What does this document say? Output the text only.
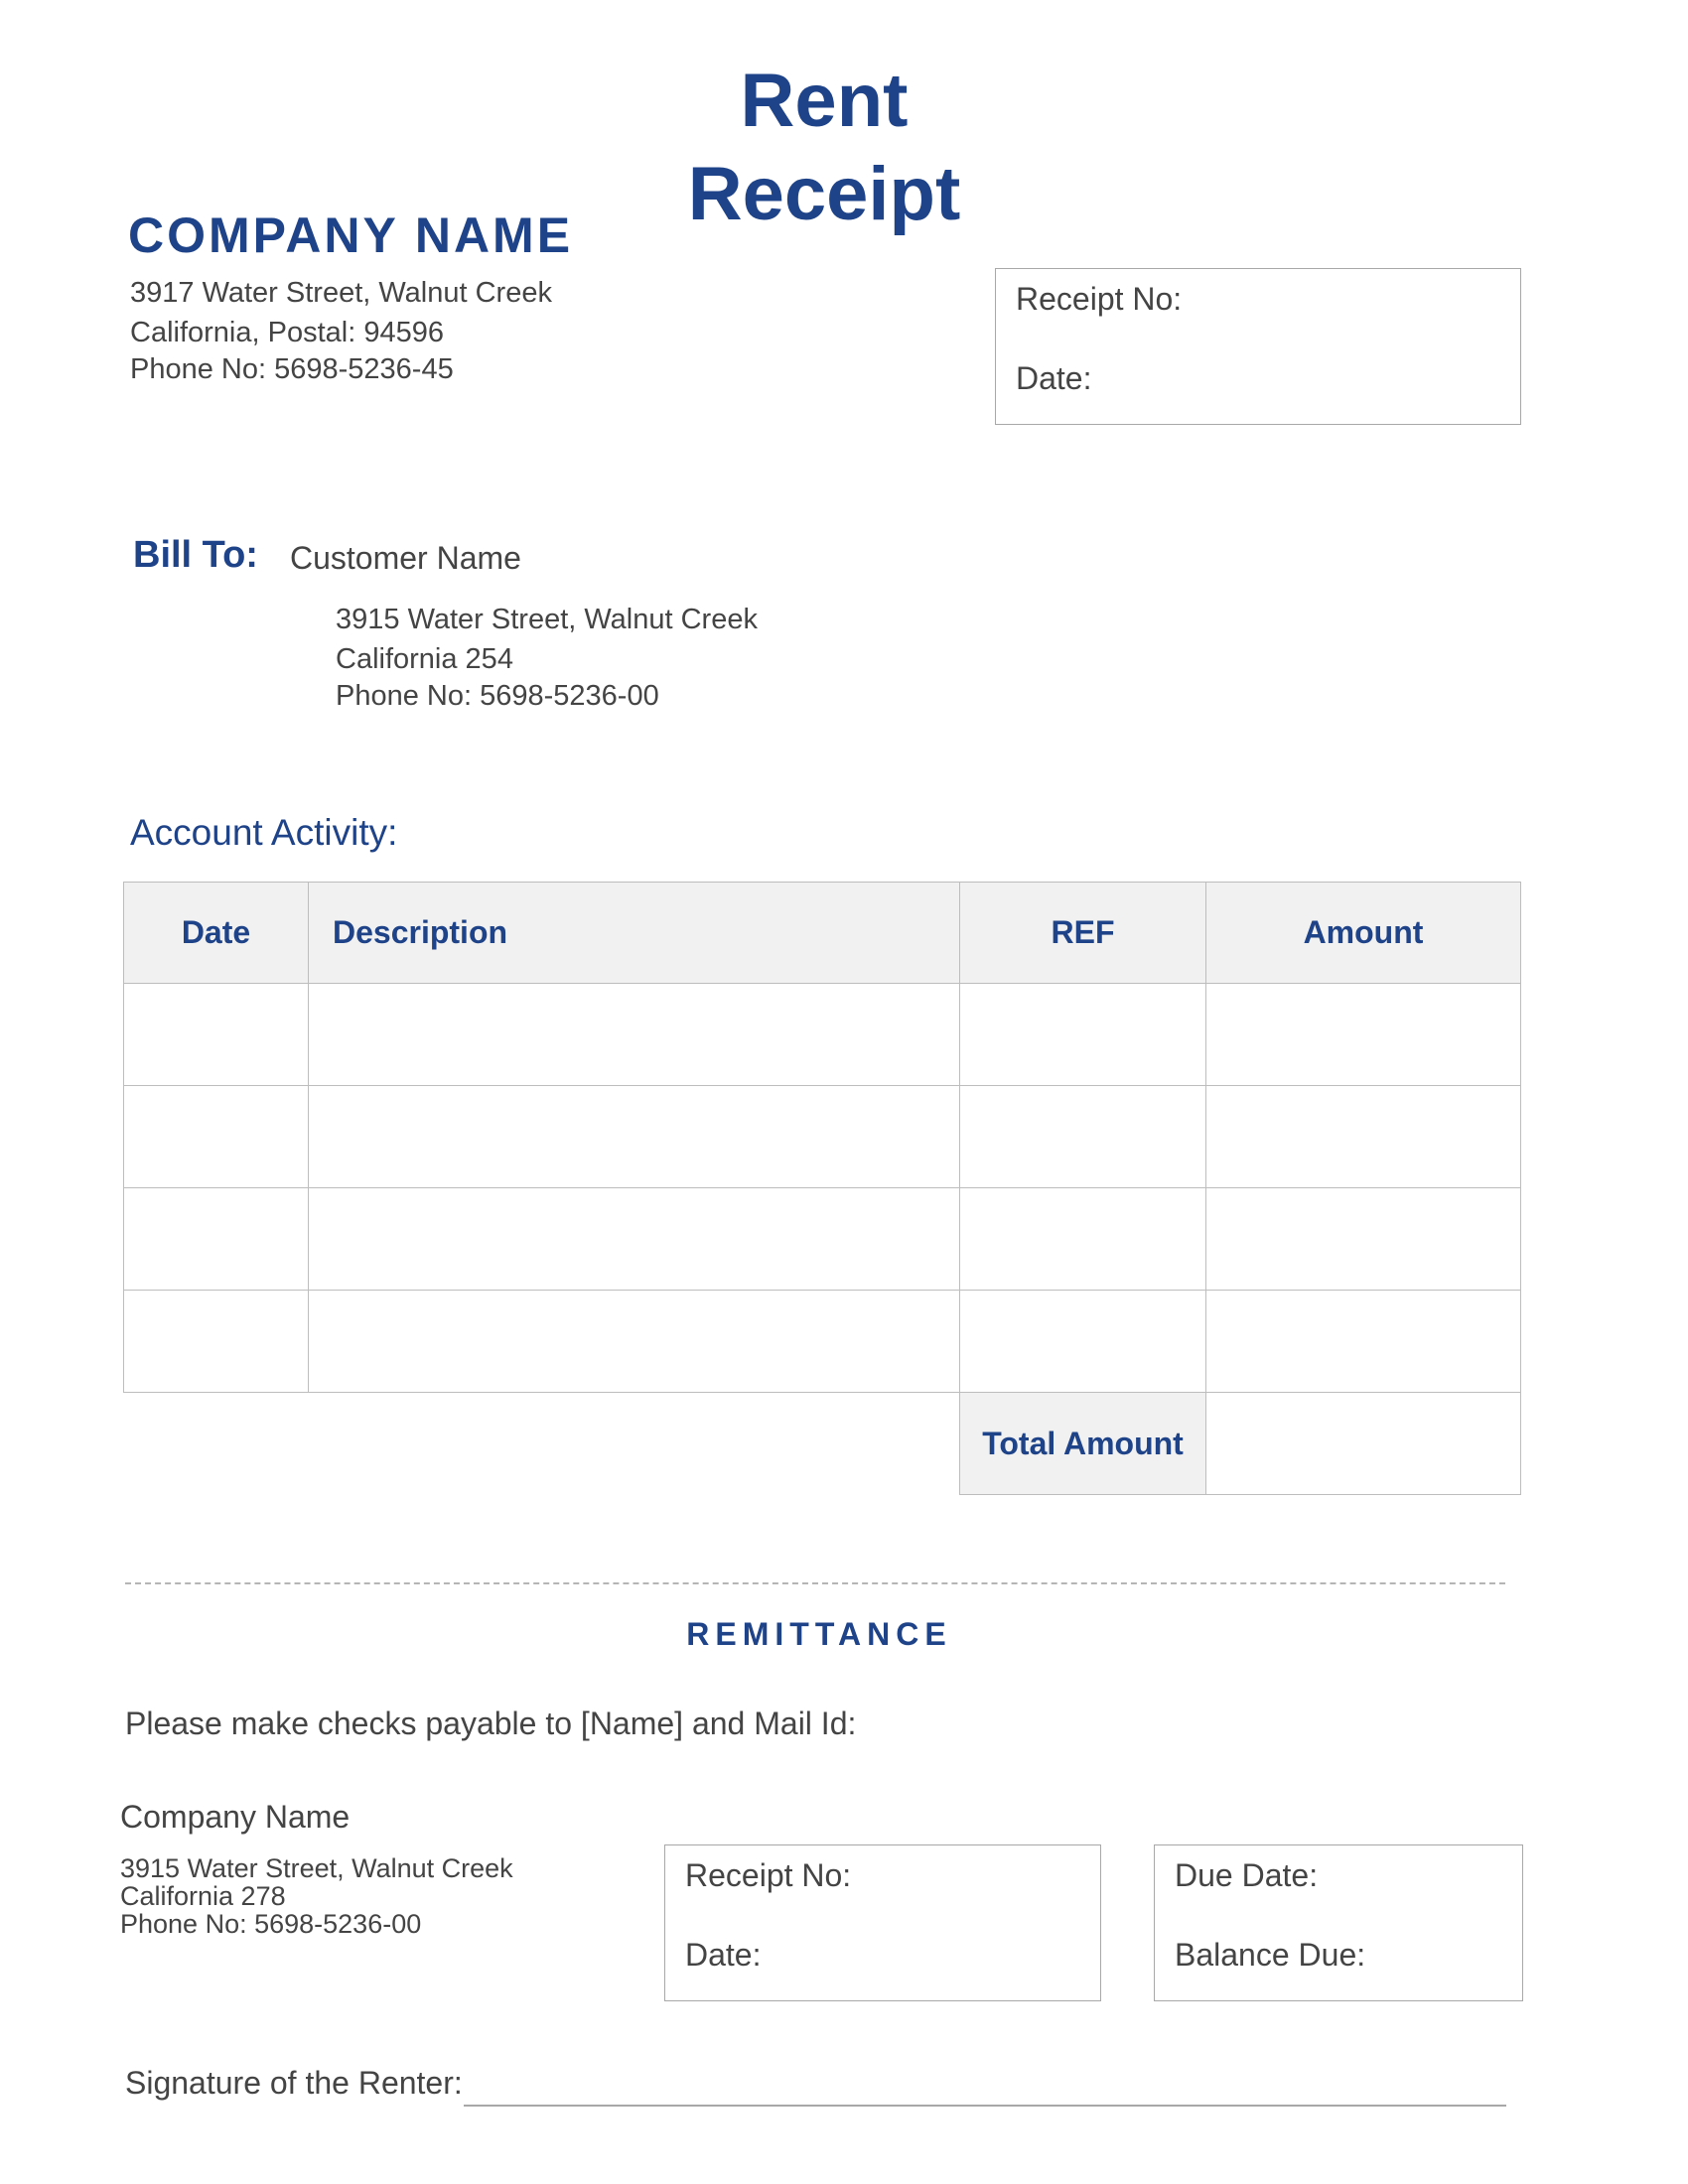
Rent Receipt
COMPANY NAME
3917 Water Street, Walnut Creek
California, Postal: 94596
Phone No: 5698-5236-45
Receipt No:
Date:
Bill To: Customer Name
3915 Water Street, Walnut Creek
California 254
Phone No: 5698-5236-00
Account Activity:
Date	Description	REF	Amount

		Total Amount	
REMITTANCE
Please make checks payable to [Name] and Mail Id:
Company Name
3915 Water Street, Walnut Creek
California 278
Phone No: 5698-5236-00
Receipt No:
Date:
Due Date:
Balance Due:
Signature of the Renter:
